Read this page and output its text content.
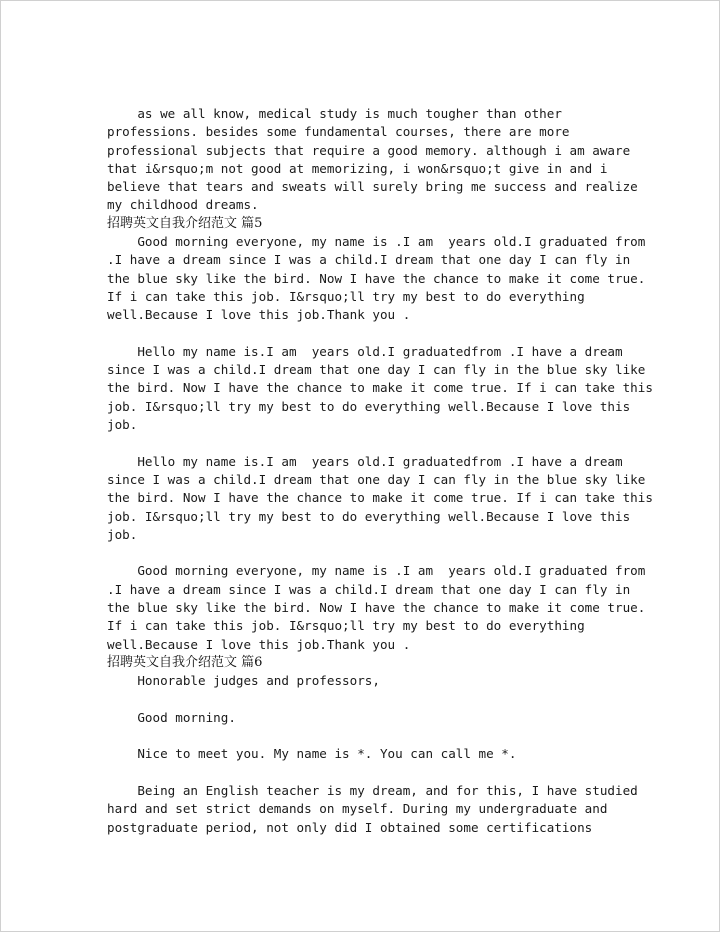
as we all know, medical study is much tougher than other

professions. besides some fundamental courses, there are more

professional subjects that require a good memory. although i am aware

that i&rsquo;m not good at memorizing, i won&rsquo;t give in and i

believe that tears and sweats will surely bring me success and realize

my childhood dreams.

招聘英文自我介绍范文 篇5

Good morning everyone, my name is .I am  years old.I graduated from

.I have a dream since I was a child.I dream that one day I can fly in

the blue sky like the bird. Now I have the chance to make it come true.

If i can take this job. I&rsquo;ll try my best to do everything

well.Because I love this job.Thank you .

Hello my name is.I am  years old.I graduatedfrom .I have a dream

since I was a child.I dream that one day I can fly in the blue sky like

the bird. Now I have the chance to make it come true. If i can take this

job. I&rsquo;ll try my best to do everything well.Because I love this

job.

Hello my name is.I am  years old.I graduatedfrom .I have a dream

since I was a child.I dream that one day I can fly in the blue sky like

the bird. Now I have the chance to make it come true. If i can take this

job. I&rsquo;ll try my best to do everything well.Because I love this

job.

Good morning everyone, my name is .I am  years old.I graduated from

.I have a dream since I was a child.I dream that one day I can fly in

the blue sky like the bird. Now I have the chance to make it come true.

If i can take this job. I&rsquo;ll try my best to do everything

well.Because I love this job.Thank you .

招聘英文自我介绍范文 篇6

Honorable judges and professors,

Good morning.

Nice to meet you. My name is *. You can call me *.

Being an English teacher is my dream, and for this, I have studied

hard and set strict demands on myself. During my undergraduate and

postgraduate period, not only did I obtained some certifications
